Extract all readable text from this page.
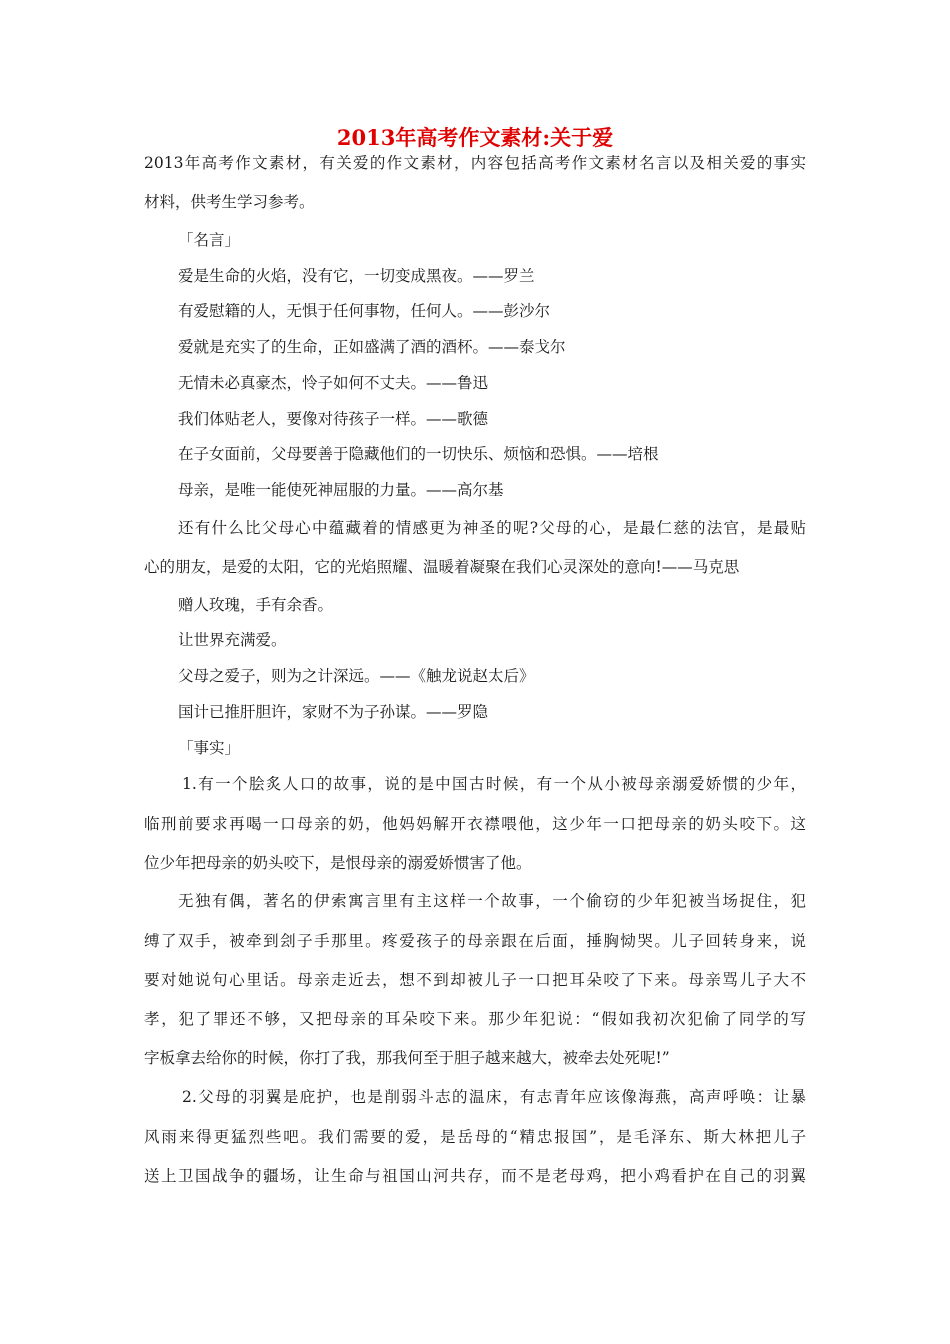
2013年高考作文素材:关于爱
2013年高考作文素材，有关爱的作文素材，内容包括高考作文素材名言以及相关爱的事实
材料，供考生学习参考。
「名言」
爱是生命的火焰，没有它，一切变成黑夜。——罗兰
有爱慰籍的人，无惧于任何事物，任何人。——彭沙尔
爱就是充实了的生命，正如盛满了酒的酒杯。——泰戈尔
无情未必真豪杰，怜子如何不丈夫。——鲁迅
我们体贴老人，要像对待孩子一样。——歌德
在子女面前，父母要善于隐藏他们的一切快乐、烦恼和恐惧。——培根
母亲，是唯一能使死神屈服的力量。——高尔基
还有什么比父母心中蕴藏着的情感更为神圣的呢?父母的心，是最仁慈的法官，是最贴
心的朋友，是爱的太阳，它的光焰照耀、温暖着凝聚在我们心灵深处的意向!——马克思
赠人玫瑰，手有余香。
让世界充满爱。
父母之爱子，则为之计深远。——《触龙说赵太后》
国计已推肝胆许，家财不为子孙谋。——罗隐
「事实」
1.有一个脍炙人口的故事，说的是中国古时候，有一个从小被母亲溺爱娇惯的少年，
临刑前要求再喝一口母亲的奶，他妈妈解开衣襟喂他，这少年一口把母亲的奶头咬下。这
位少年把母亲的奶头咬下，是恨母亲的溺爱娇惯害了他。
无独有偶，著名的伊索寓言里有主这样一个故事，一个偷窃的少年犯被当场捉住，犯
缚了双手，被牵到刽子手那里。疼爱孩子的母亲跟在后面，捶胸恸哭。儿子回转身来，说
要对她说句心里话。母亲走近去，想不到却被儿子一口把耳朵咬了下来。母亲骂儿子大不
孝，犯了罪还不够，又把母亲的耳朵咬下来。那少年犯说：“假如我初次犯偷了同学的写
字板拿去给你的时候，你打了我，那我何至于胆子越来越大，被牵去处死呢!”
2.父母的羽翼是庇护，也是削弱斗志的温床，有志青年应该像海燕，高声呼唤：让暴
风雨来得更猛烈些吧。我们需要的爱，是岳母的“精忠报国”，是毛泽东、斯大林把儿子
送上卫国战争的疆场，让生命与祖国山河共存，而不是老母鸡，把小鸡看护在自己的羽翼
